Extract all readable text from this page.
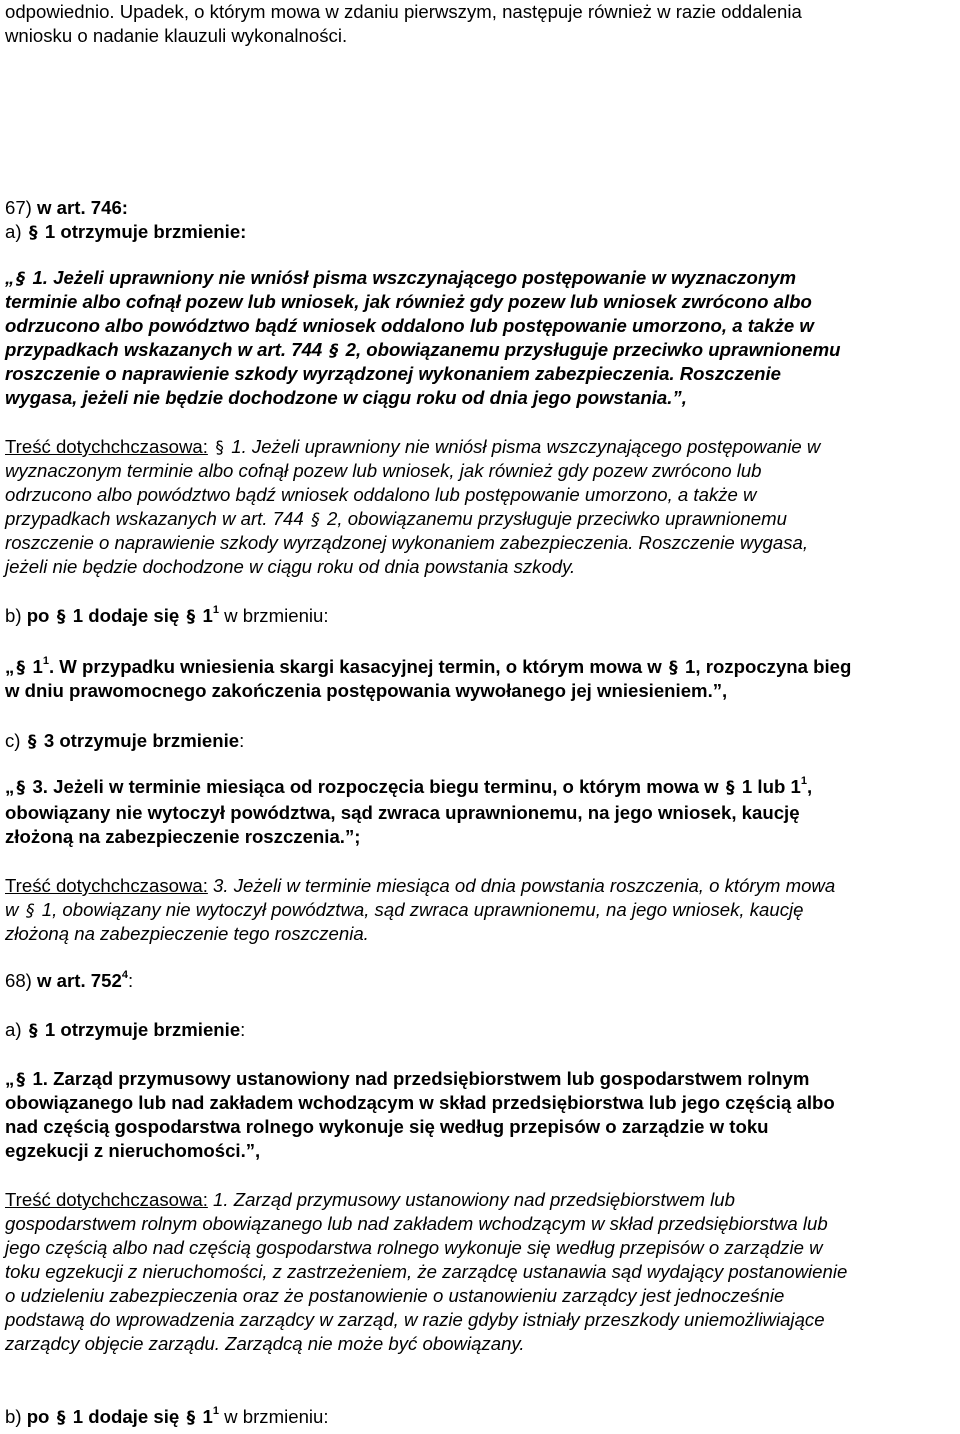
odpowiednio. Upadek, o którym mowa w zdaniu pierwszym, następuje również w razie oddalenia
wniosku o nadanie klauzuli wykonalności.
67) w art. 746:
a) § 1 otrzymuje brzmienie:
„ § 1. Jeżeli uprawniony nie wniósł pisma wszczynającego postępowanie w wyznaczonym
terminie albo cofnął pozew lub wniosek, jak również gdy pozew lub wniosek zwrócono albo
odrzucono albo powództwo bądź wniosek oddalono lub postępowanie umorzono, a także w
przypadkach wskazanych w art. 744 § 2, obowiązanemu przysługuje przeciwko uprawnionemu
roszczenie o naprawienie szkody wyrządzonej wykonaniem zabezpieczenia. Roszczenie
wygasa, jeżeli nie będzie dochodzone w ciągu roku od dnia jego powstania.”,
Treść dotychchczasowa: § 1. Jeżeli uprawniony nie wniósł pisma wszczynającego postępowanie w
wyznaczonym terminie albo cofnął pozew lub wniosek, jak również gdy pozew zwrócono lub
odrzucono albo powództwo bądź wniosek oddalono lub postępowanie umorzono, a także w
przypadkach wskazanych w art. 744 § 2, obowiązanemu przysługuje przeciwko uprawnionemu
roszczenie o naprawienie szkody wyrządzonej wykonaniem zabezpieczenia. Roszczenie wygasa,
jeżeli nie będzie dochodzone w ciągu roku od dnia powstania szkody.
b) po § 1 dodaje się § $1^1$ w brzmieniu:
„ § $1^1$. W przypadku wniesienia skargi kasacyjnej termin, o którym mowa w § 1, rozpoczyna bieg
w dniu prawomocnego zakończenia postępowania wywołanego jej wniesieniem.”,
c) § 3 otrzymuje brzmienie:
„ § 3. Jeżeli w terminie miesiąca od rozpoczęcia biegu terminu, o którym mowa w § 1 lub $1^1$,
obowiązany nie wytoczył powództwa, sąd zwraca uprawnionemu, na jego wniosek, kaucję
złożoną na zabezpieczenie roszczenia.”;
Treść dotychchczasowa: 3. Jeżeli w terminie miesiąca od dnia powstania roszczenia, o którym mowa
w § 1, obowiązany nie wytoczył powództwa, sąd zwraca uprawnionemu, na jego wniosek, kaucję
złożoną na zabezpieczenie tego roszczenia.
68) w art. $752^4$:
a) § 1 otrzymuje brzmienie:
„ § 1. Zarząd przymusowy ustanowiony nad przedsiębiorstwem lub gospodarstwem rolnym
obowiązanego lub nad zakładem wchodzącym w skład przedsiębiorstwa lub jego częścią albo
nad częścią gospodarstwa rolnego wykonuje się według przepisów o zarządzie w toku
egzekucji z nieruchomości.”,
Treść dotychchczasowa: 1. Zarząd przymusowy ustanowiony nad przedsiębiorstwem lub
gospodarstwem rolnym obowiązanego lub nad zakładem wchodzącym w skład przedsiębiorstwa lub
jego częścią albo nad częścią gospodarstwa rolnego wykonuje się według przepisów o zarządzie w
toku egzekucji z nieruchomości, z zastrzeżeniem, że zarządcę ustanawia sąd wydający postanowienie
o udzieleniu zabezpieczenia oraz że postanowienie o ustanowieniu zarządcy jest jednocześnie
podstawą do wprowadzenia zarządcy w zarząd, w razie gdyby istniały przeszkody uniemożliwiające
zarządcy objęcie zarządu. Zarządcą nie może być obowiązany.
b) po § 1 dodaje się § $1^1$ w brzmieniu:
